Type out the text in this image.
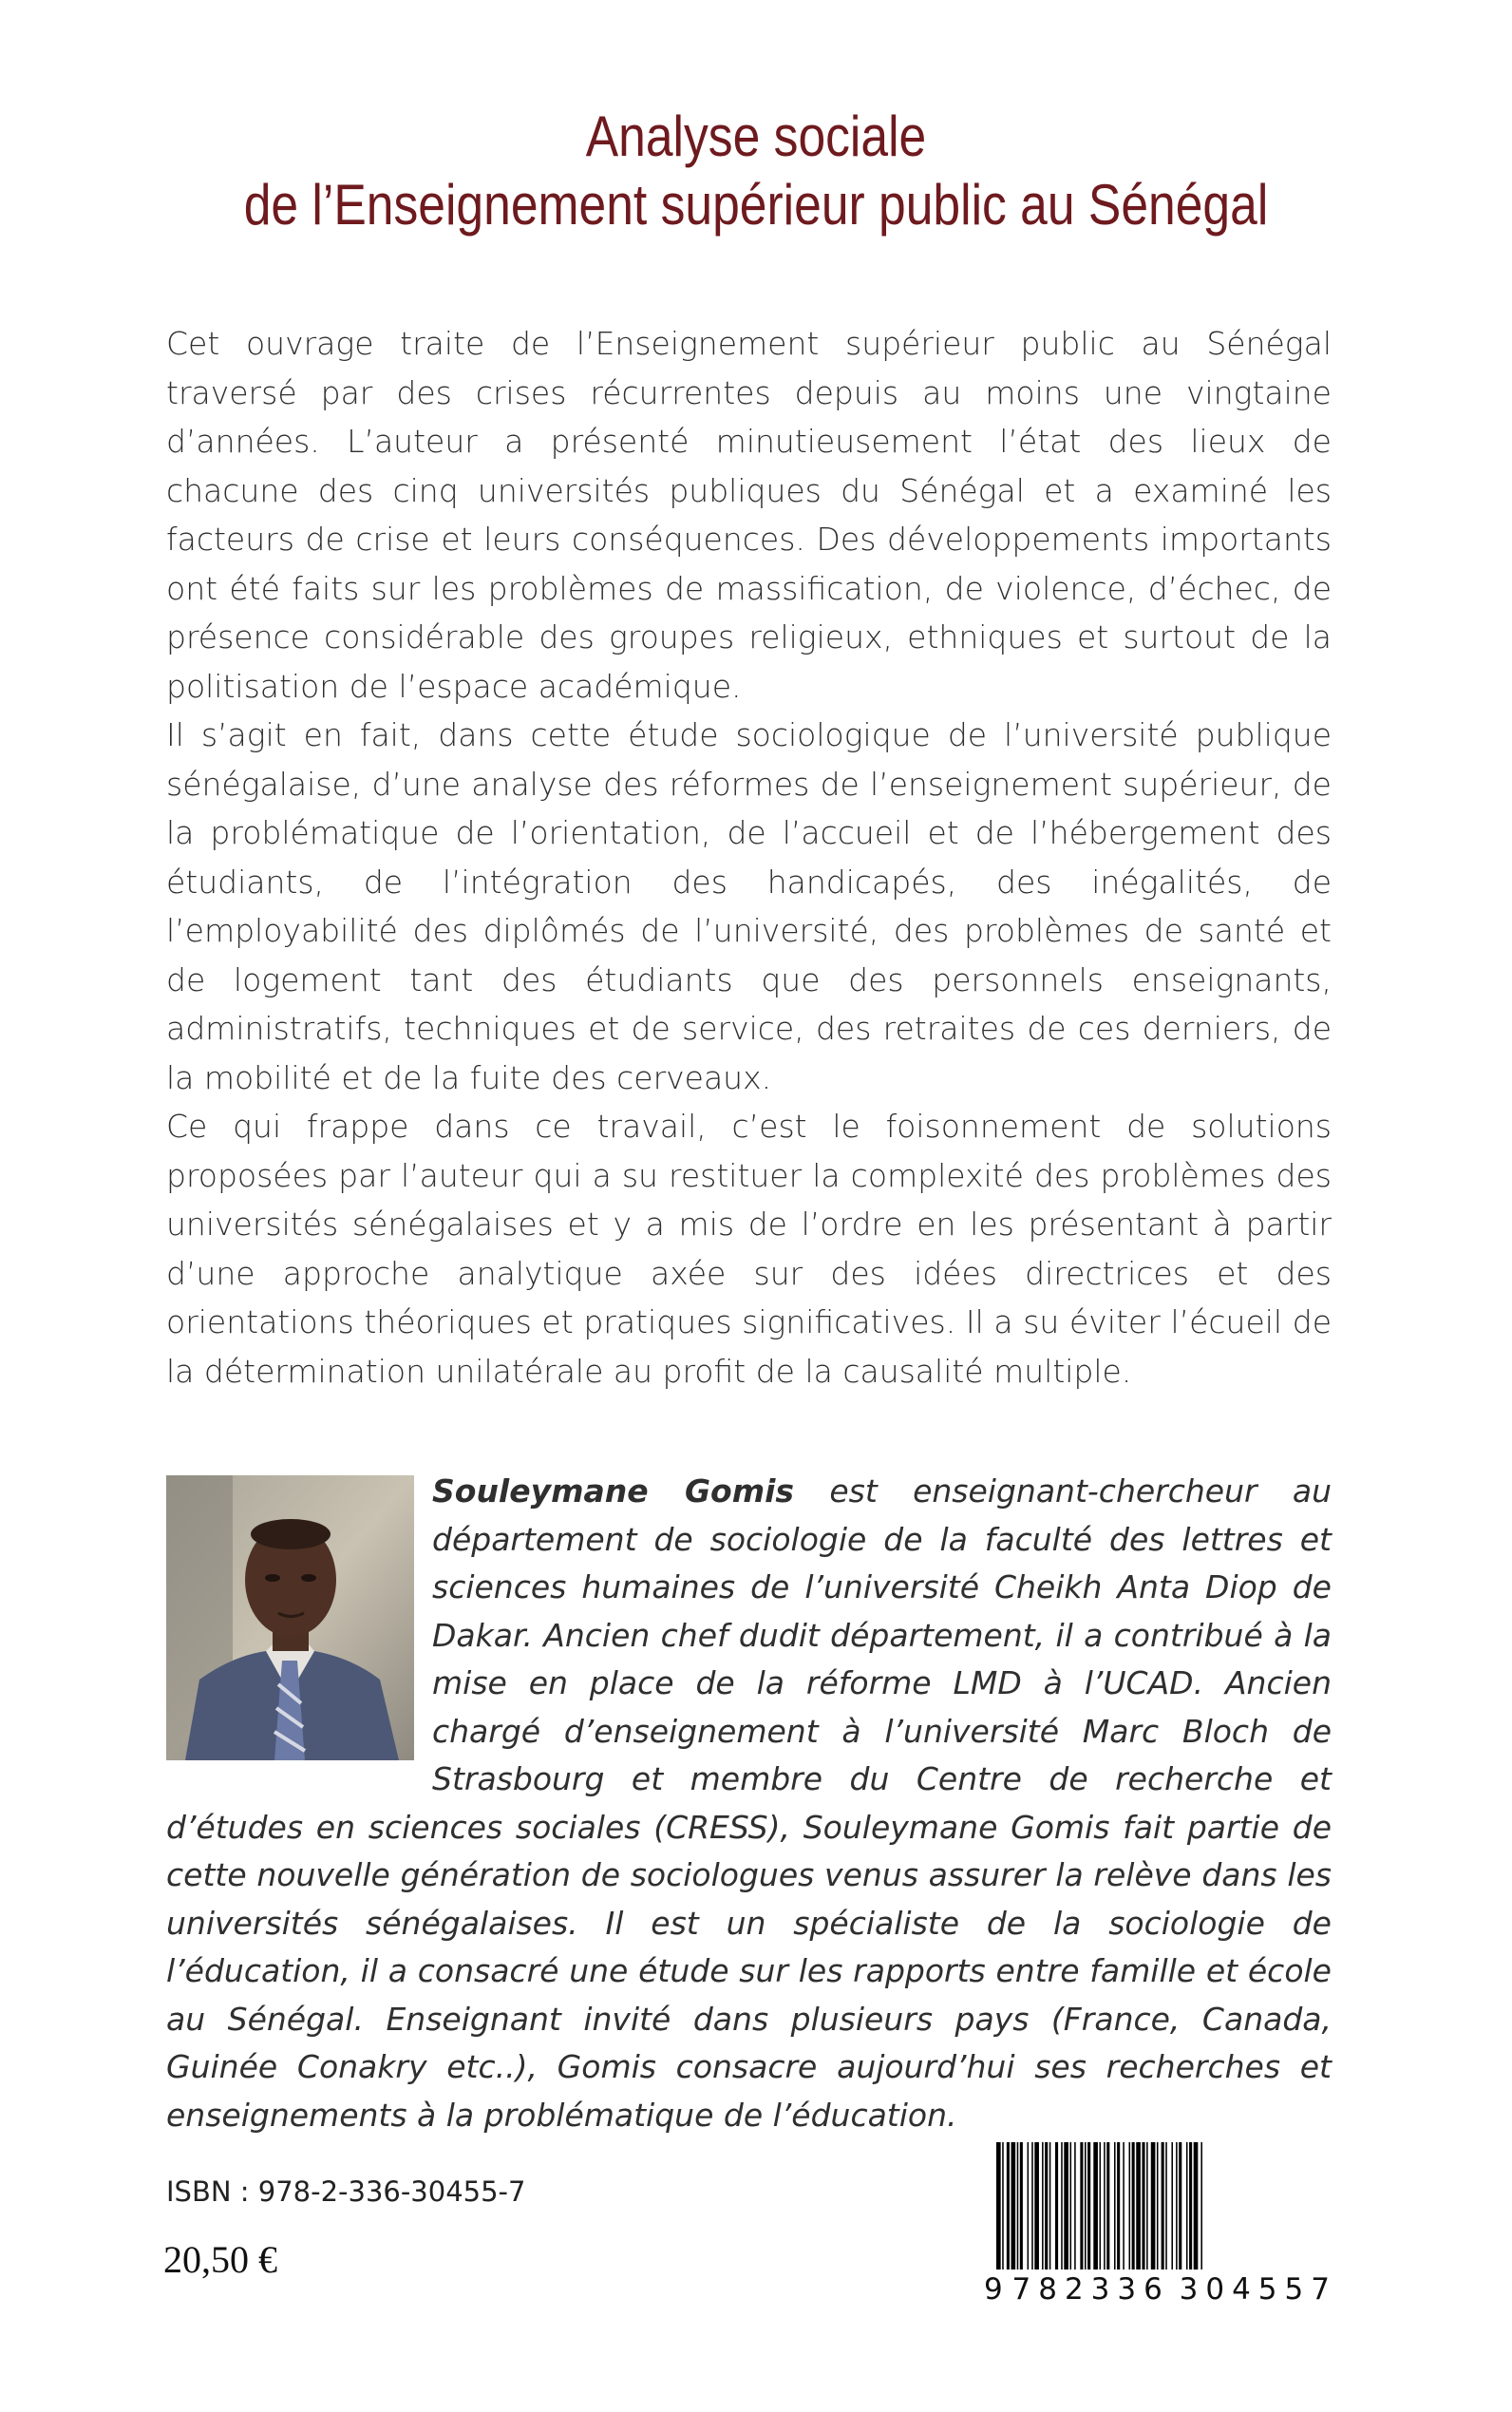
Analyse sociale
de l’Enseignement supérieur public au Sénégal

Cet ouvrage traite de l’Enseignement supérieur public au Sénégal traversé par des crises récurrentes depuis au moins une vingtaine d’années. L’auteur a présenté minutieusement l’état des lieux de chacune des cinq universités publiques du Sénégal et a examiné les facteurs de crise et leurs conséquences. Des développements importants ont été faits sur les problèmes de massification, de violence, d’échec, de présence considérable des groupes religieux, ethniques et surtout de la politisation de l’espace académique.

Il s’agit en fait, dans cette étude sociologique de l’université publique sénégalaise, d’une analyse des réformes de l’enseignement supérieur, de la problématique de l’orientation, de l’accueil et de l’hébergement des étudiants, de l’intégration des handicapés, des inégalités, de l’employabilité des diplômés de l’université, des problèmes de santé et de logement tant des étudiants que des personnels enseignants, administratifs, techniques et de service, des retraites de ces derniers, de la mobilité et de la fuite des cerveaux.

Ce qui frappe dans ce travail, c’est le foisonnement de solutions proposées par l’auteur qui a su restituer la complexité des problèmes des universités sénégalaises et y a mis de l’ordre en les présentant à partir d’une approche analytique axée sur des idées directrices et des orientations théoriques et pratiques significatives. Il a su éviter l’écueil de la détermination unilatérale au profit de la causalité multiple.

Souleymane Gomis est enseignant-chercheur au département de sociologie de la faculté des lettres et sciences humaines de l’université Cheikh Anta Diop de Dakar. Ancien chef dudit département, il a contribué à la mise en place de la réforme LMD à l’UCAD. Ancien chargé d’enseignement à l’université Marc Bloch de Strasbourg et membre du Centre de recherche et d’études en sciences sociales (CRESS), Souleymane Gomis fait partie de cette nouvelle génération de sociologues venus assurer la relève dans les universités sénégalaises. Il est un spécialiste de la sociologie de l’éducation, il a consacré une étude sur les rapports entre famille et école au Sénégal. Enseignant invité dans plusieurs pays (France, Canada, Guinée Conakry etc..), Gomis consacre aujourd’hui ses recherches et enseignements à la problématique de l’éducation.
ISBN : 978-2-336-30455-7
20,50 €
9 782336 304557
